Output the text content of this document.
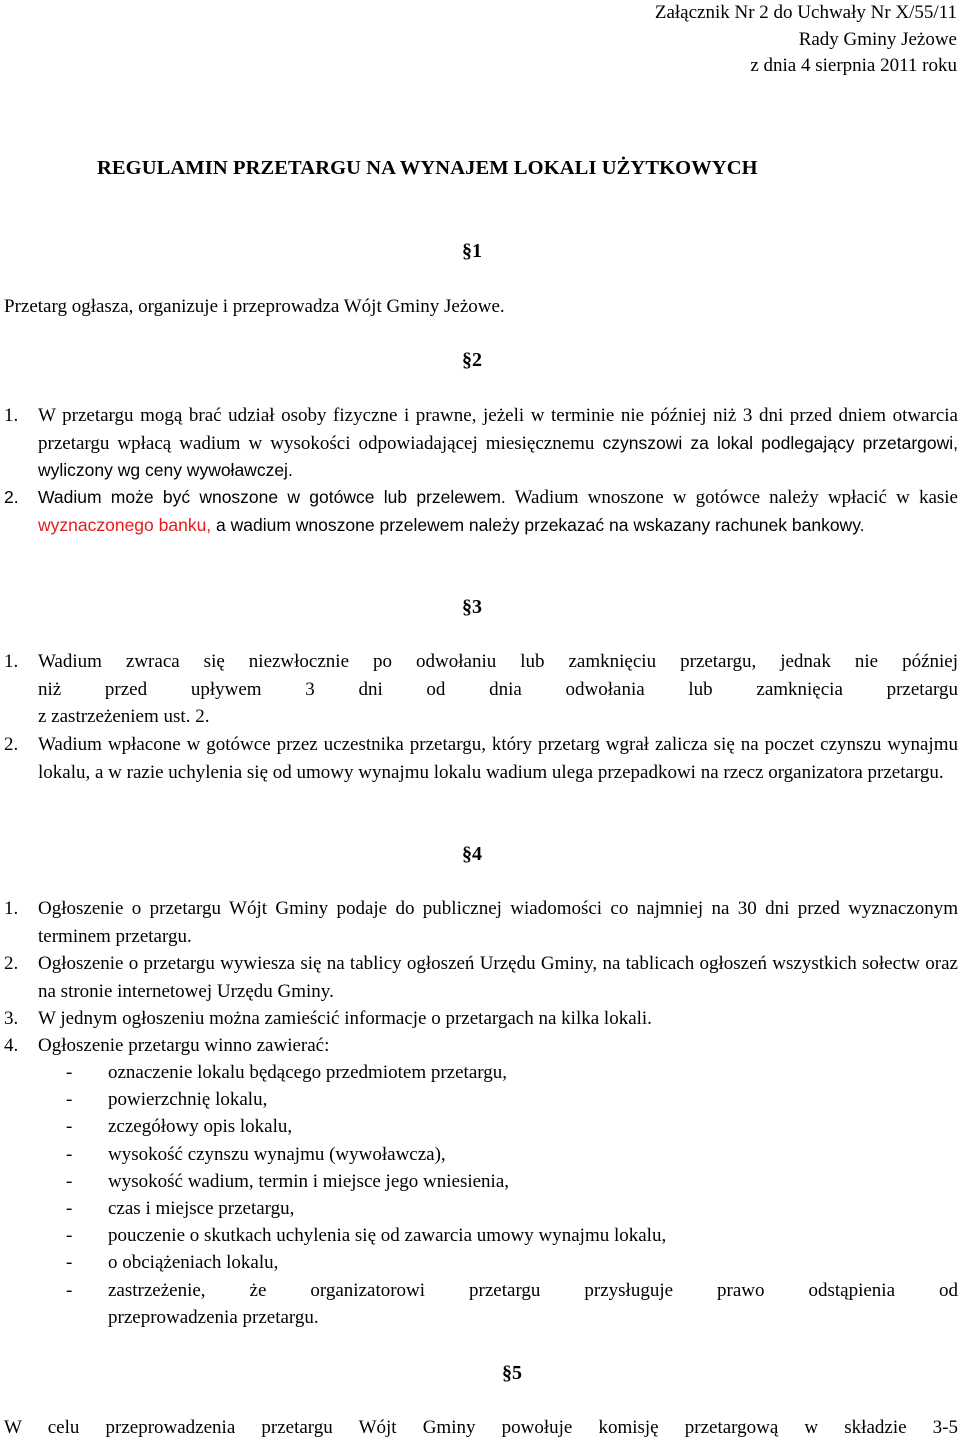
Załącznik Nr 2 do Uchwały Nr X/55/11
Rady Gminy Jeżowe
z dnia 4 sierpnia 2011 roku
REGULAMIN PRZETARGU NA WYNAJEM LOKALI UŻYTKOWYCH
§1
Przetarg ogłasza, organizuje i przeprowadza Wójt Gminy Jeżowe.
§2
1.	W przetargu mogą brać udział osoby fizyczne i prawne, jeżeli w terminie nie później niż 3 dni przed dniem otwarcia przetargu wpłacą wadium w wysokości odpowiadającej miesięcznemu czynszowi za lokal podlegający przetargowi, wyliczony wg ceny wywoławczej.
2.	Wadium może być wnoszone w gotówce lub przelewem. Wadium wnoszone w gotówce należy wpłacić w kasie wyznaczonego banku, a wadium wnoszone przelewem należy przekazać na wskazany rachunek bankowy.
§3
1.	Wadium zwraca się niezwłocznie po odwołaniu lub zamknięciu przetargu, jednak nie później
niż przed upływem 3 dni od dnia odwołania lub zamknięcia przetargu
z zastrzeżeniem ust. 2.
2.	Wadium wpłacone w gotówce przez uczestnika przetargu, który przetarg wgrał zalicza się na poczet czynszu wynajmu lokalu, a w razie uchylenia się od umowy wynajmu lokalu wadium ulega przepadkowi na rzecz organizatora przetargu.
§4
1.	Ogłoszenie o przetargu Wójt Gminy podaje do publicznej wiadomości co najmniej na 30 dni przed wyznaczonym terminem przetargu.
2.	Ogłoszenie o przetargu wywiesza się na tablicy ogłoszeń Urzędu Gminy, na tablicach ogłoszeń wszystkich sołectw oraz na stronie internetowej Urzędu Gminy.
3.	W jednym ogłoszeniu można zamieścić informacje o przetargach na kilka lokali.
4.	Ogłoszenie przetargu winno zawierać:
- oznaczenie lokalu będącego przedmiotem przetargu,
- powierzchnię lokalu,
- zczegółowy opis lokalu,
- wysokość czynszu wynajmu (wywoławcza),
- wysokość wadium, termin i miejsce jego wniesienia,
- czas i miejsce przetargu,
- pouczenie o skutkach uchylenia się od zawarcia umowy wynajmu lokalu,
- o obciążeniach lokalu,
- zastrzeżenie, że organizatorowi przetargu przysługuje prawo odstąpienia od
przeprowadzenia przetargu.
§5
W celu przeprowadzenia przetargu Wójt Gminy powołuje komisję przetargową w składzie 3-5
